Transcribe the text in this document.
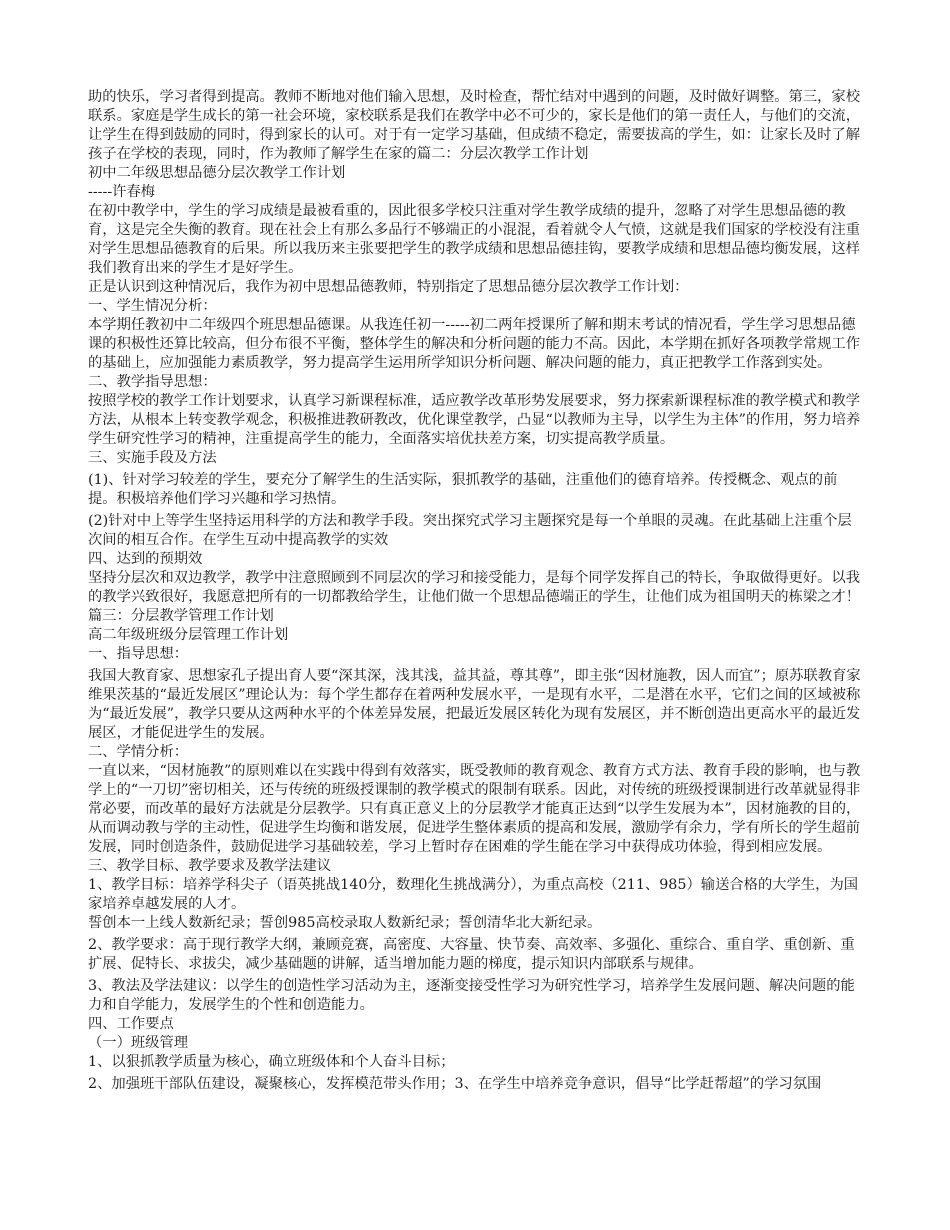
助的快乐，学习者得到提高。教师不断地对他们输入思想，及时检查，帮忙结对中遇到的问题，及时做好调整。第三，家校联系。家庭是学生成长的第一社会环境，家校联系是我们在教学中必不可少的，家长是他们的第一责任人，与他们的交流，让学生在得到鼓励的同时，得到家长的认可。对于有一定学习基础，但成绩不稳定，需要拔高的学生，如：让家长及时了解孩子在学校的表现，同时，作为教师了解学生在家的篇二：分层次教学工作计划

初中二年级思想品德分层次教学工作计划

-----许春梅

在初中教学中，学生的学习成绩是最被看重的，因此很多学校只注重对学生教学成绩的提升，忽略了对学生思想品德的教育，这是完全失衡的教育。现在社会上有那么多品行不够端正的小混混，看着就令人气愤，这就是我们国家的学校没有注重对学生思想品德教育的后果。所以我历来主张要把学生的教学成绩和思想品德挂钩，要教学成绩和思想品德均衡发展，这样我们教育出来的学生才是好学生。

正是认识到这种情况后，我作为初中思想品德教师，特别指定了思想品德分层次教学工作计划：

一、学生情况分析：

本学期任教初中二年级四个班思想品德课。从我连任初一-----初二两年授课所了解和期末考试的情况看，学生学习思想品德课的积极性还算比较高，但分布很不平衡，整体学生的解决和分析问题的能力不高。因此，本学期在抓好各项教学常规工作的基础上，应加强能力素质教学，努力提高学生运用所学知识分析问题、解决问题的能力，真正把教学工作落到实处。

二、教学指导思想：

按照学校的教学工作计划要求，认真学习新课程标准，适应教学改革形势发展要求，努力探索新课程标准的教学模式和教学方法，从根本上转变教学观念，积极推进教研教改，优化课堂教学，凸显“以教师为主导，以学生为主体”的作用，努力培养学生研究性学习的精神，注重提高学生的能力，全面落实培优扶差方案，切实提高教学质量。

三、实施手段及方法

(1)、针对学习较差的学生，要充分了解学生的生活实际，狠抓教学的基础，注重他们的德育培养。传授概念、观点的前提。积极培养他们学习兴趣和学习热情。

(2)针对中上等学生坚持运用科学的方法和教学手段。突出探究式学习主题探究是每一个单眼的灵魂。在此基础上注重个层次间的相互合作。在学生互动中提高教学的实效

四、达到的预期效

坚持分层次和双边教学，教学中注意照顾到不同层次的学习和接受能力，是每个同学发挥自己的特长，争取做得更好。以我的教学兴致很好，我愿意把所有的一切都教给学生，让他们做一个思想品德端正的学生，让他们成为祖国明天的栋梁之才！篇三：分层教学管理工作计划

高二年级班级分层管理工作计划

一、指导思想：

我国大教育家、思想家孔子提出育人要“深其深，浅其浅，益其益，尊其尊”，即主张“因材施教，因人而宜”；原苏联教育家维果茨基的“最近发展区”理论认为：每个学生都存在着两种发展水平，一是现有水平，二是潜在水平，它们之间的区域被称为“最近发展”，教学只要从这两种水平的个体差异发展，把最近发展区转化为现有发展区，并不断创造出更高水平的最近发展区，才能促进学生的发展。

二、学情分析：

一直以来，“因材施教”的原则难以在实践中得到有效落实，既受教师的教育观念、教育方式方法、教育手段的影响，也与教学上的“一刀切”密切相关，还与传统的班级授课制的教学模式的限制有联系。因此，对传统的班级授课制进行改革就显得非常必要，而改革的最好方法就是分层教学。只有真正意义上的分层教学才能真正达到“以学生发展为本”，因材施教的目的，从而调动教与学的主动性，促进学生均衡和谐发展，促进学生整体素质的提高和发展，激励学有余力，学有所长的学生超前发展，同时创造条件，鼓励促进学习基础较差，学习上暂时存在困难的学生能在学习中获得成功体验，得到相应发展。

三、教学目标、教学要求及教学法建议

1、教学目标：培养学科尖子（语英挑战140分，数理化生挑战满分），为重点高校（211、985）输送合格的大学生，为国家培养卓越发展的人才。

誓创本一上线人数新纪录；誓创985高校录取人数新纪录；誓创清华北大新纪录。

2、教学要求：高于现行教学大纲，兼顾竞赛，高密度、大容量、快节奏、高效率、多强化、重综合、重自学、重创新、重扩展、促特长、求拔尖，减少基础题的讲解，适当增加能力题的梯度，提示知识内部联系与规律。

3、教法及学法建议：以学生的创造性学习活动为主，逐渐变接受性学习为研究性学习，培养学生发展问题、解决问题的能力和自学能力，发展学生的个性和创造能力。

四、工作要点

（一）班级管理

1、以狠抓教学质量为核心，确立班级体和个人奋斗目标；

2、加强班干部队伍建设，凝聚核心，发挥模范带头作用；3、在学生中培养竞争意识，倡导“比学赶帮超”的学习氛围
